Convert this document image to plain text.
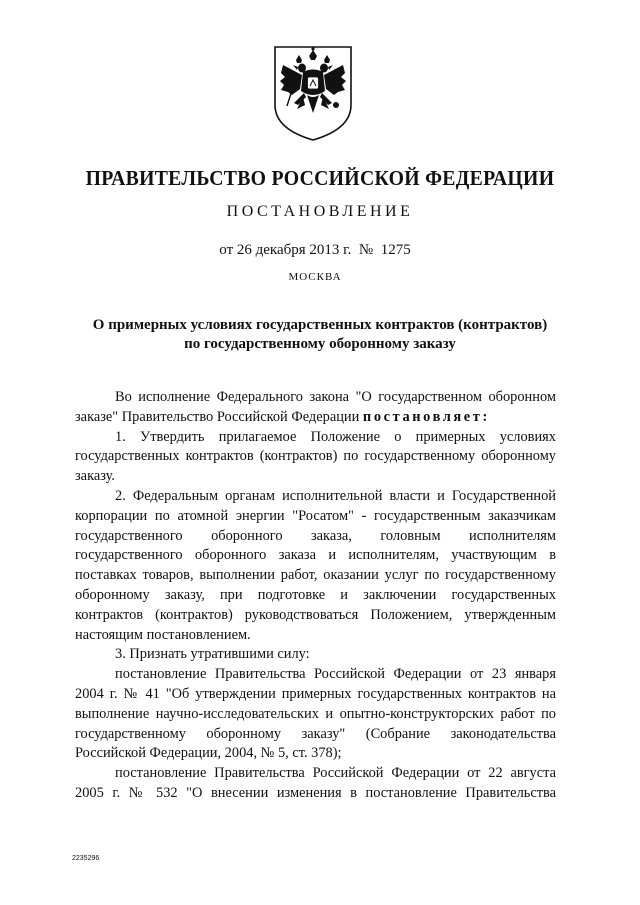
ПРАВИТЕЛЬСТВО РОССИЙСКОЙ ФЕДЕРАЦИИ
ПОСТАНОВЛЕНИЕ
от 26 декабря 2013 г.  №  1275
МОСКВА
О примерных условиях государственных контрактов (контрактов)
по государственному оборонному заказу

Во исполнение Федерального закона "О государственном оборонном заказе" Правительство Российской Федерации постановляет:

1. Утвердить прилагаемое Положение о примерных условиях государственных контрактов (контрактов) по государственному оборонному заказу.

2. Федеральным органам исполнительной власти и Государственной корпорации по атомной энергии "Росатом" - государственным заказчикам государственного оборонного заказа, головным исполнителям государственного оборонного заказа и исполнителям, участвующим в поставках товаров, выполнении работ, оказании услуг по государственному оборонному заказу, при подготовке и заключении государственных контрактов (контрактов) руководствоваться Положением, утвержденным настоящим постановлением.

3. Признать утратившими силу:

постановление Правительства Российской Федерации от 23 января 2004 г. № 41 "Об утверждении примерных государственных контрактов на выполнение научно-исследовательских и опытно-конструкторских работ по государственному оборонному заказу" (Собрание законодательства Российской Федерации, 2004, № 5, ст. 378);

постановление Правительства Российской Федерации от 22 августа 2005 г. № 532 "О внесении изменения в постановление Правительства

2235296
